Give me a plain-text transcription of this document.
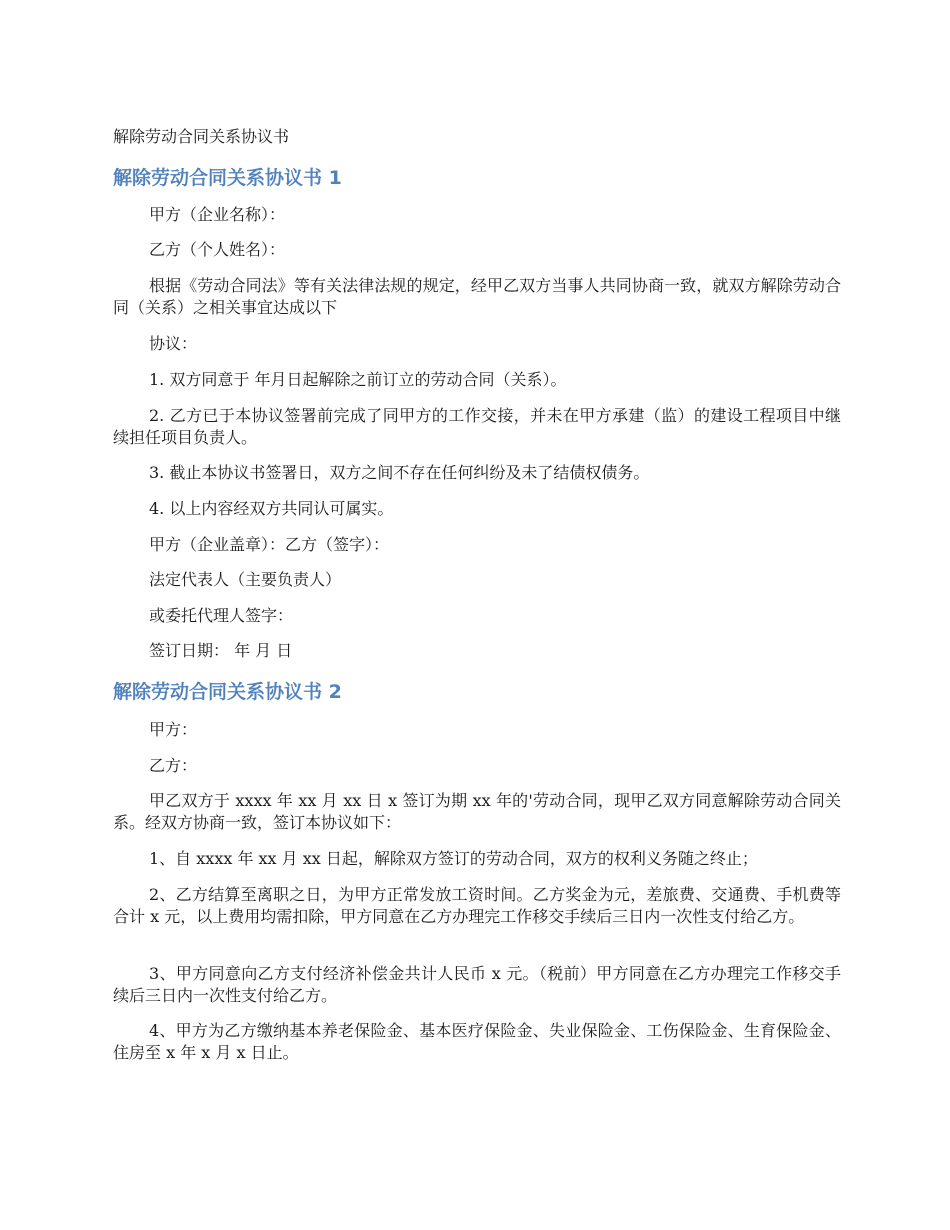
解除劳动合同关系协议书

解除劳动合同关系协议书 1

甲方（企业名称）：

乙方（个人姓名）：

根据《劳动合同法》等有关法律法规的规定，经甲乙双方当事人共同协商一致，就双方解除劳动合同（关系）之相关事宜达成以下

协议：

1. 双方同意于 年月日起解除之前订立的劳动合同（关系）。

2. 乙方已于本协议签署前完成了同甲方的工作交接，并未在甲方承建（监）的建设工程项目中继续担任项目负责人。

3. 截止本协议书签署日，双方之间不存在任何纠纷及未了结债权债务。

4. 以上内容经双方共同认可属实。

甲方（企业盖章）：乙方（签字）：

法定代表人（主要负责人）

或委托代理人签字：

签订日期： 年 月 日

解除劳动合同关系协议书 2

甲方：

乙方：

甲乙双方于 xxxx 年 xx 月 xx 日 x 签订为期 xx 年的'劳动合同，现甲乙双方同意解除劳动合同关系。经双方协商一致，签订本协议如下：

1、自 xxxx 年 xx 月 xx 日起，解除双方签订的劳动合同，双方的权利义务随之终止；

2、乙方结算至离职之日，为甲方正常发放工资时间。乙方奖金为元，差旅费、交通费、手机费等合计 x 元，以上费用均需扣除，甲方同意在乙方办理完工作移交手续后三日内一次性支付给乙方。

3、甲方同意向乙方支付经济补偿金共计人民币 x 元。（税前）甲方同意在乙方办理完工作移交手续后三日内一次性支付给乙方。

4、甲方为乙方缴纳基本养老保险金、基本医疗保险金、失业保险金、工伤保险金、生育保险金、住房至 x 年 x 月 x 日止。
